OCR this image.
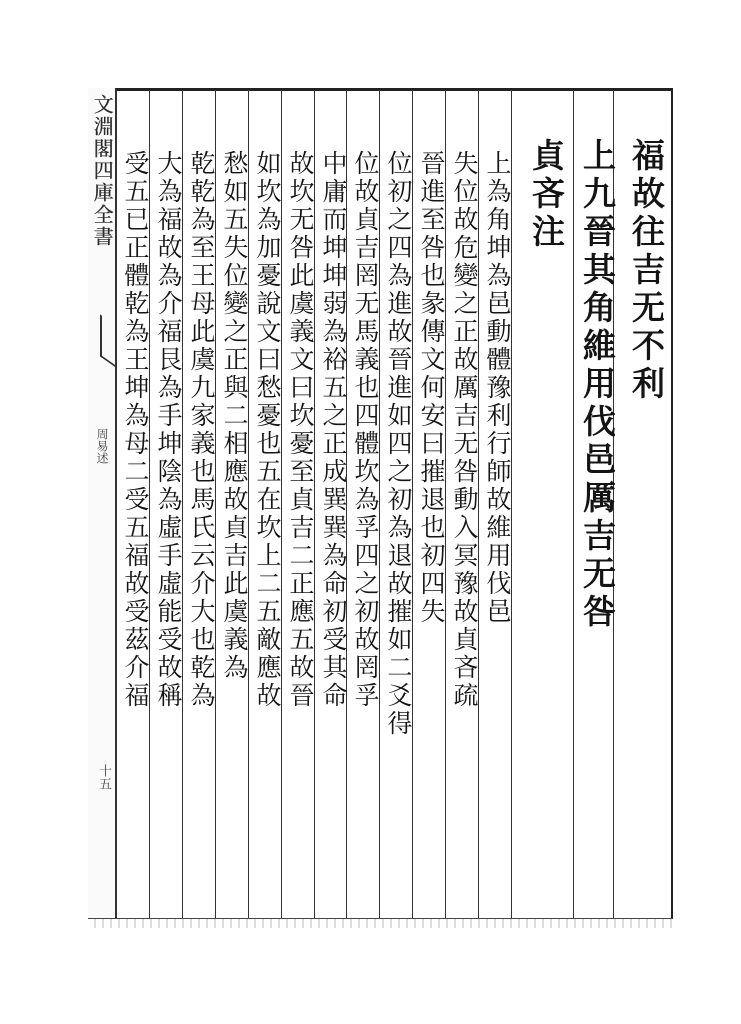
文淵閣四庫全書
周易述
十五
福故往吉无不利
上九晉其角維用伐邑厲吉无咎
貞吝注
上為角坤為邑動體豫利行師故維用伐邑
失位故危變之正故厲吉无咎動入冥豫故貞吝疏
晉進至咎也彖傳文何安曰摧退也初四失
位初之四為進故晉進如四之初為退故摧如二爻得
位故貞吉罔无馬義也四體坎為孚四之初故罔孚
中庸而坤坤弱為裕五之正成巽巽為命初受其命
故坎无咎此虞義文曰坎憂至貞吉二正應五故晉
如坎為加憂說文曰愁憂也五在坎上二五敵應故
愁如五失位變之正與二相應故貞吉此虞義為
乾乾為至王母此虞九家義也馬氏云介大也乾為
大為福故為介福艮為手坤陰為虛手虛能受故稱
受五已正體乾為王坤為母二受五福故受茲介福
